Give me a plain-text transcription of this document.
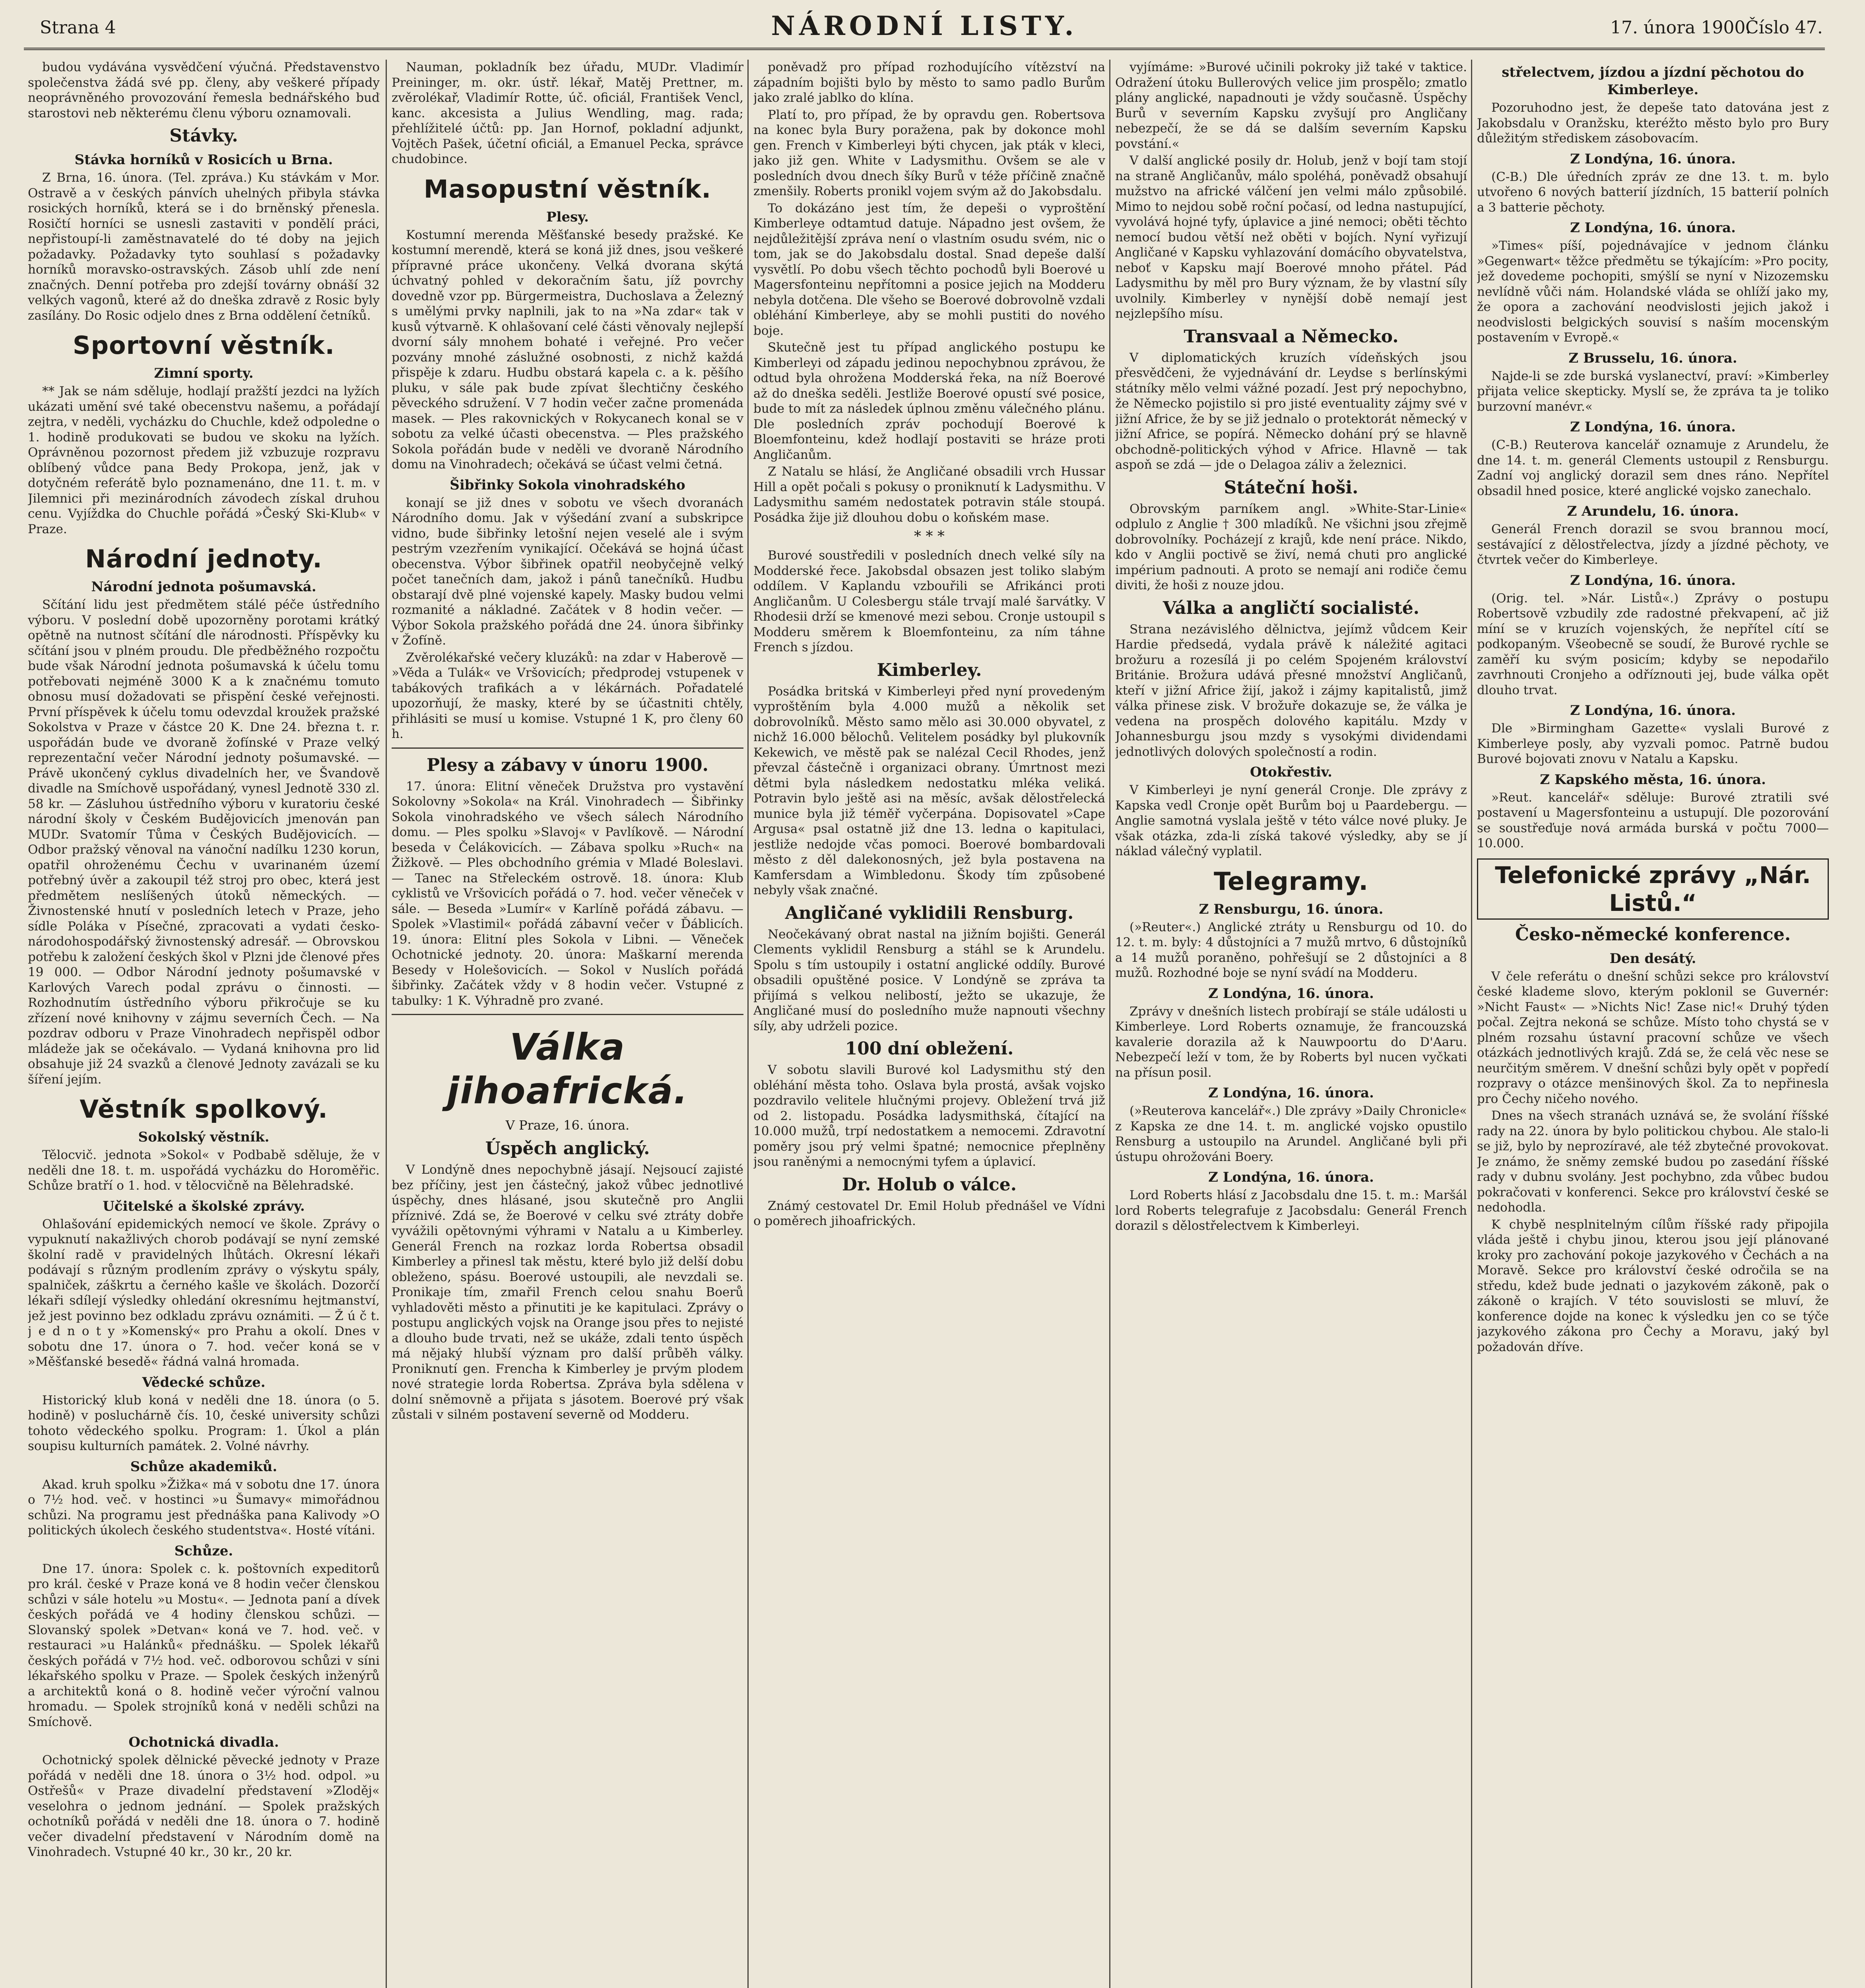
Strana 4	NÁRODNÍ LISTY.	17. února 1900.
Číslo 47.

budou vydávána vysvědčení výučná. Představenstvo společenstva žádá své pp. členy, aby veškeré případy neoprávněného provozování řemesla bednářského buď starostovi neb některému členu výboru oznamovali.

Stávky.
Stávka horníků v Rosicích u Brna.

Z Brna, 16. února. (Tel. zpráva.) Ku stávkám v Mor. Ostravě a v českých pánvích uhelných přibyla stávka rosických horníků, která se i do brněnský přenesla. Rosičtí horníci se usnesli zastaviti v pondělí práci, nepřistoupí-li zaměstnavatelé do té doby na jejich požadavky. Požadavky tyto souhlasí s požadavky horníků moravsko-ostravských. Zásob uhlí zde není značných. Denní potřeba pro zdejší továrny obnáší 32 velkých vagonů, které až do dneška zdravě z Rosic byly zasílány. Do Rosic odjelo dnes z Brna oddělení četníků.

Sportovní věstník.
Zimní sporty.

** Jak se nám sděluje, hodlají pražští jezdci na lyžích ukázati umění své také obecenstvu našemu, a pořádají zejtra, v neděli, vycházku do Chuchle, kdež odpoledne o 1. hodině produkovati se budou ve skoku na lyžích. Oprávněnou pozornost předem již vzbuzuje rozpravu oblíbený vůdce pana Bedy Prokopa, jenž, jak v dotyčném referátě bylo poznamenáno, dne 11. t. m. v Jilemnici při mezinárodních závodech získal druhou cenu. Vyjíždka do Chuchle pořádá »Český Ski-Klub« v Praze.

Národní jednoty.
Národní jednota pošumavská.

Sčítání lidu jest předmětem stálé péče ústředního výboru. V poslední době upozorněny porotami krátký opětně na nutnost sčítání dle národnosti. Příspěvky ku sčítání jsou v plném proudu. Dle předběžného rozpočtu bude však Národní jednota pošumavská k účelu tomu potřebovati nejméně 3000 K a k značnému tomuto obnosu musí dožadovati se přispění české veřejnosti. První příspěvek k účelu tomu odevzdal kroužek pražské Sokolstva v Praze v částce 20 K. Dne 24. března t. r. uspořádán bude ve dvoraně žofínské v Praze velký reprezentační večer Národní jednoty pošumavské. — Právě ukončený cyklus divadelních her, ve Švandově divadle na Smíchově uspořádaný, vynesl Jednotě 330 zl. 58 kr. — Zásluhou ústředního výboru v kuratoriu české národní školy v Českém Budějovicích jmenován pan MUDr. Svatomír Tůma v Českých Budějovicích. — Odbor pražský věnoval na vánoční nadílku 1230 korun, opatřil ohroženému Čechu v uvarinaném území potřebný úvěr a zakoupil též stroj pro obec, která jest předmětem neslíšených útoků německých. — Živnostenské hnutí v posledních letech v Praze, jeho sídle Poláka v Písečné, zpracovati a vydati česko-národohospodářský živnostenský adresář. — Obrovskou potřebu k založení českých škol v Plzni jde členové přes 19 000. — Odbor Národní jednoty pošumavské v Karlových Varech podal zprávu o činnosti. — Rozhodnutím ústředního výboru přikročuje se ku zřízení nové knihovny v zájmu severních Čech. — Na pozdrav odboru v Praze Vinohradech nepřispěl odbor mládeže jak se očekávalo. — Vydaná knihovna pro lid obsahuje již 24 svazků a členové Jednoty zavázali se ku šíření jejím.

Věstník spolkový.
Sokolský věstník.

Tělocvič. jednota »Sokol« v Podbabě sděluje, že v neděli dne 18. t. m. uspořádá vycházku do Horoměřic. Schůze bratří o 1. hod. v tělocvičně na Bělehradské.

Učitelské a školské zprávy.

Ohlašování epidemických nemocí ve škole. Zprávy o vypuknutí nakažlivých chorob podávají se nyní zemské školní radě v pravidelných lhůtách. Okresní lékaři podávají s různým prodlením zprávy o výskytu spály, spalniček, záškrtu a černého kašle ve školách. Dozorčí lékaři sdílejí výsledky ohledání okresnímu hejtmanství, jež jest povinno bez odkladu zprávu oznámiti. — Ž ú č t. j e d n o t y »Komenský« pro Prahu a okolí. Dnes v sobotu dne 17. února o 7. hod. večer koná se v »Měšťanské besedě« řádná valná hromada.

Vědecké schůze.

Historický klub koná v neděli dne 18. února (o 5. hodině) v posluchárně čís. 10, české university schůzi tohoto vědeckého spolku. Program: 1. Úkol a plán soupisu kulturních památek. 2. Volné návrhy.

Schůze akademiků.

Akad. kruh spolku »Žižka« má v sobotu dne 17. února o 7½ hod. več. v hostinci »u Šumavy« mimořádnou schůzi. Na programu jest přednáška pana Kalivody »O politických úkolech českého studentstva«. Hosté vítáni.

Schůze.

Dne 17. února: Spolek c. k. poštovních expeditorů pro král. české v Praze koná ve 8 hodin večer členskou schůzi v sále hotelu »u Mostu«. — Jednota paní a dívek českých pořádá ve 4 hodiny členskou schůzi. — Slovanský spolek »Detvan« koná ve 7. hod. več. v restauraci »u Halánků« přednášku. — Spolek lékařů českých pořádá v 7½ hod. več. odborovou schůzi v síni lékařského spolku v Praze. — Spolek českých inženýrů a architektů koná o 8. hodině večer výroční valnou hromadu. — Spolek strojníků koná v neděli schůzi na Smíchově.

Ochotnická divadla.

Ochotnický spolek dělnické pěvecké jednoty v Praze pořádá v neděli dne 18. února o 3½ hod. odpol. »u Ostřešů« v Praze divadelní představení »Zloděj« veselohra o jednom jednání. — Spolek pražských ochotníků pořádá v neděli dne 18. února o 7. hodině večer divadelní představení v Národním domě na Vinohradech. Vstupné 40 kr., 30 kr., 20 kr.

Nauman, pokladník bez úřadu, MUDr. Vladimír Preininger, m. okr. ústř. lékař, Matěj Prettner, m. zvěrolékař, Vladimír Rotte, úč. oficiál, František Vencl, kanc. akcesista a Julius Wendling, mag. rada; přehlížitelé účtů: pp. Jan Hornof, pokladní adjunkt, Vojtěch Pašek, účetní oficiál, a Emanuel Pecka, správce chudobince.

Masopustní věstník.
Plesy.

Kostumní merenda Měšťanské besedy pražské. Ke kostumní merendě, která se koná již dnes, jsou veškeré přípravné práce ukončeny. Velká dvorana skýtá úchvatný pohled v dekoračním šatu, jíž povrchy dovedně vzor pp. Bürgermeistra, Duchoslava a Železný s umělými prvky naplnili, jak to na »Na zdar« tak v kusů výtvarně. K ohlašovaní celé části věnovaly nejlepší dvorní sály mnohem bohaté i veřejné. Pro večer pozvány mnohé záslužné osobnosti, z nichž každá přispěje k zdaru. Hudbu obstará kapela c. a k. pěšího pluku, v sále pak bude zpívat šlechtičny českého pěveckého sdružení. V 7 hodin večer začne promenáda masek. — Ples rakovnických v Rokycanech konal se v sobotu za velké účasti obecenstva. — Ples pražského Sokola pořádán bude v neděli ve dvoraně Národního domu na Vinohradech; očekává se účast velmi četná.

Šibřinky Sokola vinohradského

konají se již dnes v sobotu ve všech dvoranách Národního domu. Jak v výšedání zvaní a subskripce vidno, bude šibřinky letošní nejen veselé ale i svým pestrým vzezřením vynikající. Očekává se hojná účast obecenstva. Výbor šibřinek opatřil neobyčejně velký počet tanečních dam, jakož i pánů tanečníků. Hudbu obstarají dvě plné vojenské kapely. Masky budou velmi rozmanité a nákladné. Začátek v 8 hodin večer. — Výbor Sokola pražského pořádá dne 24. února šibřinky v Žofíně.

Zvěrolékařské večery kluzáků: na zdar v Haberově — »Věda a Tulák« ve Vršovicích; předprodej vstupenek v tabákových trafikách a v lékárnách. Pořadatelé upozorňují, že masky, které by se účastniti chtěly, přihlásiti se musí u komise. Vstupné 1 K, pro členy 60 h.

Plesy a zábavy v únoru 1900.

17. února: Elitní věneček Družstva pro vystavění Sokolovny »Sokola« na Král. Vinohradech — Šibřinky Sokola vinohradského ve všech sálech Národního domu. — Ples spolku »Slavoj« v Pavlíkově. — Národní beseda v Čelákovicích. — Zábava spolku »Ruch« na Žižkově. — Ples obchodního grémia v Mladé Boleslavi. — Tanec na Střeleckém ostrově. 18. února: Klub cyklistů ve Vršovicích pořádá o 7. hod. večer věneček v sále. — Beseda »Lumír« v Karlíně pořádá zábavu. — Spolek »Vlastimil« pořádá zábavní večer v Ďáblicích. 19. února: Elitní ples Sokola v Libni. — Věneček Ochotnické jednoty. 20. února: Maškarní merenda Besedy v Holešovicích. — Sokol v Nuslích pořádá šibřinky. Začátek vždy v 8 hodin večer. Vstupné z tabulky: 1 K. Výhradně pro zvané.

Válka jihoafrická.
V Praze, 16. února.
Úspěch anglický.

V Londýně dnes nepochybně jásají. Nejsoucí zajisté bez příčiny, jest jen částečný, jakož vůbec jednotlivé úspěchy, dnes hlásané, jsou skutečně pro Anglii příznivé. Zdá se, že Boerové v celku své ztráty dobře vyvážili opětovnými výhrami v Natalu a u Kimberley. Generál French na rozkaz lorda Robertsa obsadil Kimberley a přinesl tak městu, které bylo již delší dobu obleženo, spásu. Boerové ustoupili, ale nevzdali se. Pronikaje tím, zmařil French celou snahu Boerů vyhladověti město a přinutiti je ke kapitulaci. Zprávy o postupu anglických vojsk na Orange jsou přes to nejisté a dlouho bude trvati, než se ukáže, zdali tento úspěch má nějaký hlubší význam pro další průběh války. Proniknutí gen. Frencha k Kimberley je prvým plodem nové strategie lorda Robertsa. Zpráva byla sdělena v dolní sněmovně a přijata s jásotem. Boerové prý však zůstali v silném postavení severně od Modderu.

poněvadž pro případ rozhodujícího vítězství na západním bojišti bylo by město to samo padlo Burům jako zralé jablko do klína.

Platí to, pro případ, že by opravdu gen. Robertsova na konec byla Bury poražena, pak by dokonce mohl gen. French v Kimberleyi býti chycen, jak pták v kleci, jako již gen. White v Ladysmithu. Ovšem se ale v posledních dvou dnech šíky Burů v téže příčině značně zmenšily. Roberts pronikl vojem svým až do Jakobsdalu.

To dokázáno jest tím, že depeši o vyproštění Kimberleye odtamtud datuje. Nápadno jest ovšem, že nejdůležitější zpráva není o vlastním osudu svém, nic o tom, jak se do Jakobsdalu dostal. Snad depeše další vysvětlí. Po dobu všech těchto pochodů byli Boerové u Magersfonteinu nepřítomni a posice jejich na Modderu nebyla dotčena. Dle všeho se Boerové dobrovolně vzdali obléhání Kimberleye, aby se mohli pustiti do nového boje.

Skutečně jest tu případ anglického postupu ke Kimberleyi od západu jedinou nepochybnou zprávou, že odtud byla ohrožena Modderská řeka, na níž Boerové až do dneška seděli. Jestliže Boerové opustí své posice, bude to mít za následek úplnou změnu válečného plánu. Dle posledních zpráv pochodují Boerové k Bloemfonteinu, kdež hodlají postaviti se hráze proti Angličanům.

Z Natalu se hlásí, že Angličané obsadili vrch Hussar Hill a opět počali s pokusy o proniknutí k Ladysmithu. V Ladysmithu samém nedostatek potravin stále stoupá. Posádka žije již dlouhou dobu o koňském mase.

* * *

Burové soustředili v posledních dnech velké síly na Modderské řece. Jakobsdal obsazen jest toliko slabým oddílem. V Kaplandu vzbouřili se Afrikánci proti Angličanům. U Colesbergu stále trvají malé šarvátky. V Rhodesii drží se kmenové mezi sebou. Cronje ustoupil s Modderu směrem k Bloemfonteinu, za ním táhne French s jízdou.

Kimberley.

Posádka britská v Kimberleyi před nyní provedeným vyproštěním byla 4.000 mužů a několik set dobrovolníků. Město samo mělo asi 30.000 obyvatel, z nichž 16.000 bělochů. Velitelem posádky byl plukovník Kekewich, ve městě pak se nalézal Cecil Rhodes, jenž převzal částečně i organizaci obrany. Úmrtnost mezi dětmi byla následkem nedostatku mléka veliká. Potravin bylo ještě asi na měsíc, avšak dělostřelecká munice byla již téměř vyčerpána. Dopisovatel »Cape Argusa« psal ostatně již dne 13. ledna o kapitulaci, jestliže nedojde včas pomoci. Boerové bombardovali město z děl dalekonosných, jež byla postavena na Kamfersdam a Wimbledonu. Škody tím způsobené nebyly však značné.

Angličané vyklidili Rensburg.

Neočekávaný obrat nastal na jižním bojišti. Generál Clements vyklidil Rensburg a stáhl se k Arundelu. Spolu s tím ustoupily i ostatní anglické oddíly. Burové obsadili opuštěné posice. V Londýně se zpráva ta přijímá s velkou nelibostí, ježto se ukazuje, že Angličané musí do posledního muže napnouti všechny síly, aby udrželi pozice.

100 dní obležení.

V sobotu slavili Burové kol Ladysmithu stý den obléhání města toho. Oslava byla prostá, avšak vojsko pozdravilo velitele hlučnými projevy. Obležení trvá již od 2. listopadu. Posádka ladysmithská, čítající na 10.000 mužů, trpí nedostatkem a nemocemi. Zdravotní poměry jsou prý velmi špatné; nemocnice přeplněny jsou raněnými a nemocnými tyfem a úplavicí.

Dr. Holub o válce.

Známý cestovatel Dr. Emil Holub přednášel ve Vídni o poměrech jihoafrických.

vyjímáme: »Burové učinili pokroky již také v taktice. Odražení útoku Bullerových velice jim prospělo; zmatlo plány anglické, napadnouti je vždy současně. Úspěchy Burů v severním Kapsku zvyšují pro Angličany nebezpečí, že se dá se dalším severním Kapsku povstání.«

V další anglické posily dr. Holub, jenž v bojí tam stojí na straně Angličanův, málo spoléhá, poněvadž obsahují mužstvo na africké válčení jen velmi málo způsobilé. Mimo to nejdou sobě roční počasí, od ledna nastupující, vyvolává hojné tyfy, úplavice a jiné nemoci; oběti těchto nemocí budou větší než oběti v bojích. Nyní vyřizují Angličané v Kapsku vyhlazování domácího obyvatelstva, neboť v Kapsku mají Boerové mnoho přátel. Pád Ladysmithu by měl pro Bury význam, že by vlastní síly uvolnily. Kimberley v nynější době nemají jest nejzlepšího mísu.

Transvaal a Německo.

V diplomatických kruzích vídeňských jsou přesvědčeni, že vyjednávání dr. Leydse s berlínskými státníky mělo velmi vážné pozadí. Jest prý nepochybno, že Německo pojistilo si pro jisté eventuality zájmy své v jižní Africe, že by se již jednalo o protektorát německý v jižní Africe, se popírá. Německo dohání prý se hlavně obchodně-politických výhod v Africe. Hlavně — tak aspoň se zdá — jde o Delagoa záliv a železnici.

Státeční hoši.

Obrovským parníkem angl. »White-Star-Linie« odplulo z Anglie † 300 mladíků. Ne všichni jsou zřejmě dobrovolníky. Pocházejí z krajů, kde není práce. Nikdo, kdo v Anglii poctivě se živí, nemá chuti pro anglické impérium padnouti. A proto se nemají ani rodiče čemu diviti, že hoši z nouze jdou.

Válka a angličtí socialisté.

Strana nezávislého dělnictva, jejímž vůdcem Keir Hardie předsedá, vydala právě k náležité agitaci brožuru a rozesílá ji po celém Spojeném království Británie. Brožura udává přesné množství Angličanů, kteří v jižní Africe žijí, jakož i zájmy kapitalistů, jimž válka přinese zisk. V brožuře dokazuje se, že válka je vedena na prospěch dolového kapitálu. Mzdy v Johannesburgu jsou mzdy s vysokými dividendami jednotlivých dolových společností a rodin.

Otokřestiv.

V Kimberleyi je nyní generál Cronje. Dle zprávy z Kapska vedl Cronje opět Burům boj u Paardebergu. — Anglie samotná vyslala ještě v této válce nové pluky. Je však otázka, zda-li získá takové výsledky, aby se jí náklad válečný vyplatil.

Telegramy.
Z Rensburgu, 16. února.

(»Reuter«.) Anglické ztráty u Rensburgu od 10. do 12. t. m. byly: 4 důstojníci a 7 mužů mrtvo, 6 důstojníků a 14 mužů poraněno, pohřešují se 2 důstojníci a 8 mužů. Rozhodné boje se nyní svádí na Modderu.

Z Londýna, 16. února.

Zprávy v dnešních listech probírají se stále události u Kimberleye. Lord Roberts oznamuje, že francouzská kavalerie dorazila až k Nauwpoortu do D'Aaru. Nebezpečí leží v tom, že by Roberts byl nucen vyčkati na přísun posil.

Z Londýna, 16. února.

(»Reuterova kancelář«.) Dle zprávy »Daily Chronicle« z Kapska ze dne 14. t. m. anglické vojsko opustilo Rensburg a ustoupilo na Arundel. Angličané byli při ústupu ohrožováni Boery.

Z Londýna, 16. února.

Lord Roberts hlásí z Jacobsdalu dne 15. t. m.: Maršál lord Roberts telegrafuje z Jacobsdalu: Generál French dorazil s dělostřelectvem k Kimberleyi.

střelectvem, jízdou a jízdní pěchotou do Kimberleye.

Pozoruhodno jest, že depeše tato datována jest z Jakobsdalu v Oranžsku, kteréžto město bylo pro Bury důležitým střediskem zásobovacím.

Z Londýna, 16. února.

(C-B.) Dle úředních zpráv ze dne 13. t. m. bylo utvořeno 6 nových batterií jízdních, 15 batterií polních a 3 batterie pěchoty.

Z Londýna, 16. února.

»Times« píší, pojednávajíce v jednom článku »Gegenwart« těžce předmětu se týkajícím: »Pro pocity, jež dovedeme pochopiti, smýšlí se nyní v Nizozemsku nevlídně vůči nám. Holandské vláda se ohlíží jako my, že opora a zachování neodvislosti jejich jakož i neodvislosti belgických souvisí s naším mocenským postavením v Evropě.«

Z Brusselu, 16. února.

Najde-li se zde burská vyslanectví, praví: »Kimberley přijata velice skepticky. Myslí se, že zpráva ta je toliko burzovní manévr.«

Z Londýna, 16. února.

(C-B.) Reuterova kancelář oznamuje z Arundelu, že dne 14. t. m. generál Clements ustoupil z Rensburgu. Zadní voj anglický dorazil sem dnes ráno. Nepřítel obsadil hned posice, které anglické vojsko zanechalo.

Z Arundelu, 16. února.

Generál French dorazil se svou brannou mocí, sestávající z dělostřelectva, jízdy a jízdné pěchoty, ve čtvrtek večer do Kimberleye.

Z Londýna, 16. února.

(Orig. tel. »Nár. Listů«.) Zprávy o postupu Robertsově vzbudily zde radostné překvapení, ač již míní se v kruzích vojenských, že nepřítel cítí se podkopaným. Všeobecně se soudí, že Burové rychle se zaměří ku svým posicím; kdyby se nepodařilo zavrhnouti Cronjeho a odříznouti jej, bude válka opět dlouho trvat.

Z Londýna, 16. února.

Dle »Birmingham Gazette« vyslali Burové z Kimberleye posly, aby vyzvali pomoc. Patrně budou Burové bojovati znovu v Natalu a Kapsku.

Z Kapského města, 16. února.

»Reut. kancelář« sděluje: Burové ztratili své postavení u Magersfonteinu a ustupují. Dle pozorování se soustřeďuje nová armáda burská v počtu 7000—10.000.

Telefonické zprávy „Nár. Listů.“
Česko-německé konference.
Den desátý.

V čele referátu o dnešní schůzi sekce pro království české klademe slovo, kterým poklonil se Guvernér: »Nicht Faust« — »Nichts Nic! Zase nic!« Druhý týden počal. Zejtra nekoná se schůze. Místo toho chystá se v plném rozsahu ústavní pracovní schůze ve všech otázkách jednotlivých krajů. Zdá se, že celá věc nese se neurčitým směrem. V dnešní schůzi byly opět v popředí rozpravy o otázce menšinových škol. Za to nepřinesla pro Čechy ničeho nového.

Dnes na všech stranách uznává se, že svolání říšské rady na 22. února by bylo politickou chybou. Ale stalo-li se již, bylo by neprozíravé, ale též zbytečné provokovat. Je známo, že sněmy zemské budou po zasedání říšské rady v dubnu svolány. Jest pochybno, zda vůbec budou pokračovati v konferenci. Sekce pro království české se nedohodla.

K chybě nesplnitelným cílům říšské rady připojila vláda ještě i chybu jinou, kterou jsou její plánované kroky pro zachování pokoje jazykového v Čechách a na Moravě. Sekce pro království české odročila se na středu, kdež bude jednati o jazykovém zákoně, pak o zákoně o krajích. V této souvislosti se mluví, že konference dojde na konec k výsledku jen co se týče jazykového zákona pro Čechy a Moravu, jaký byl požadován dříve.
